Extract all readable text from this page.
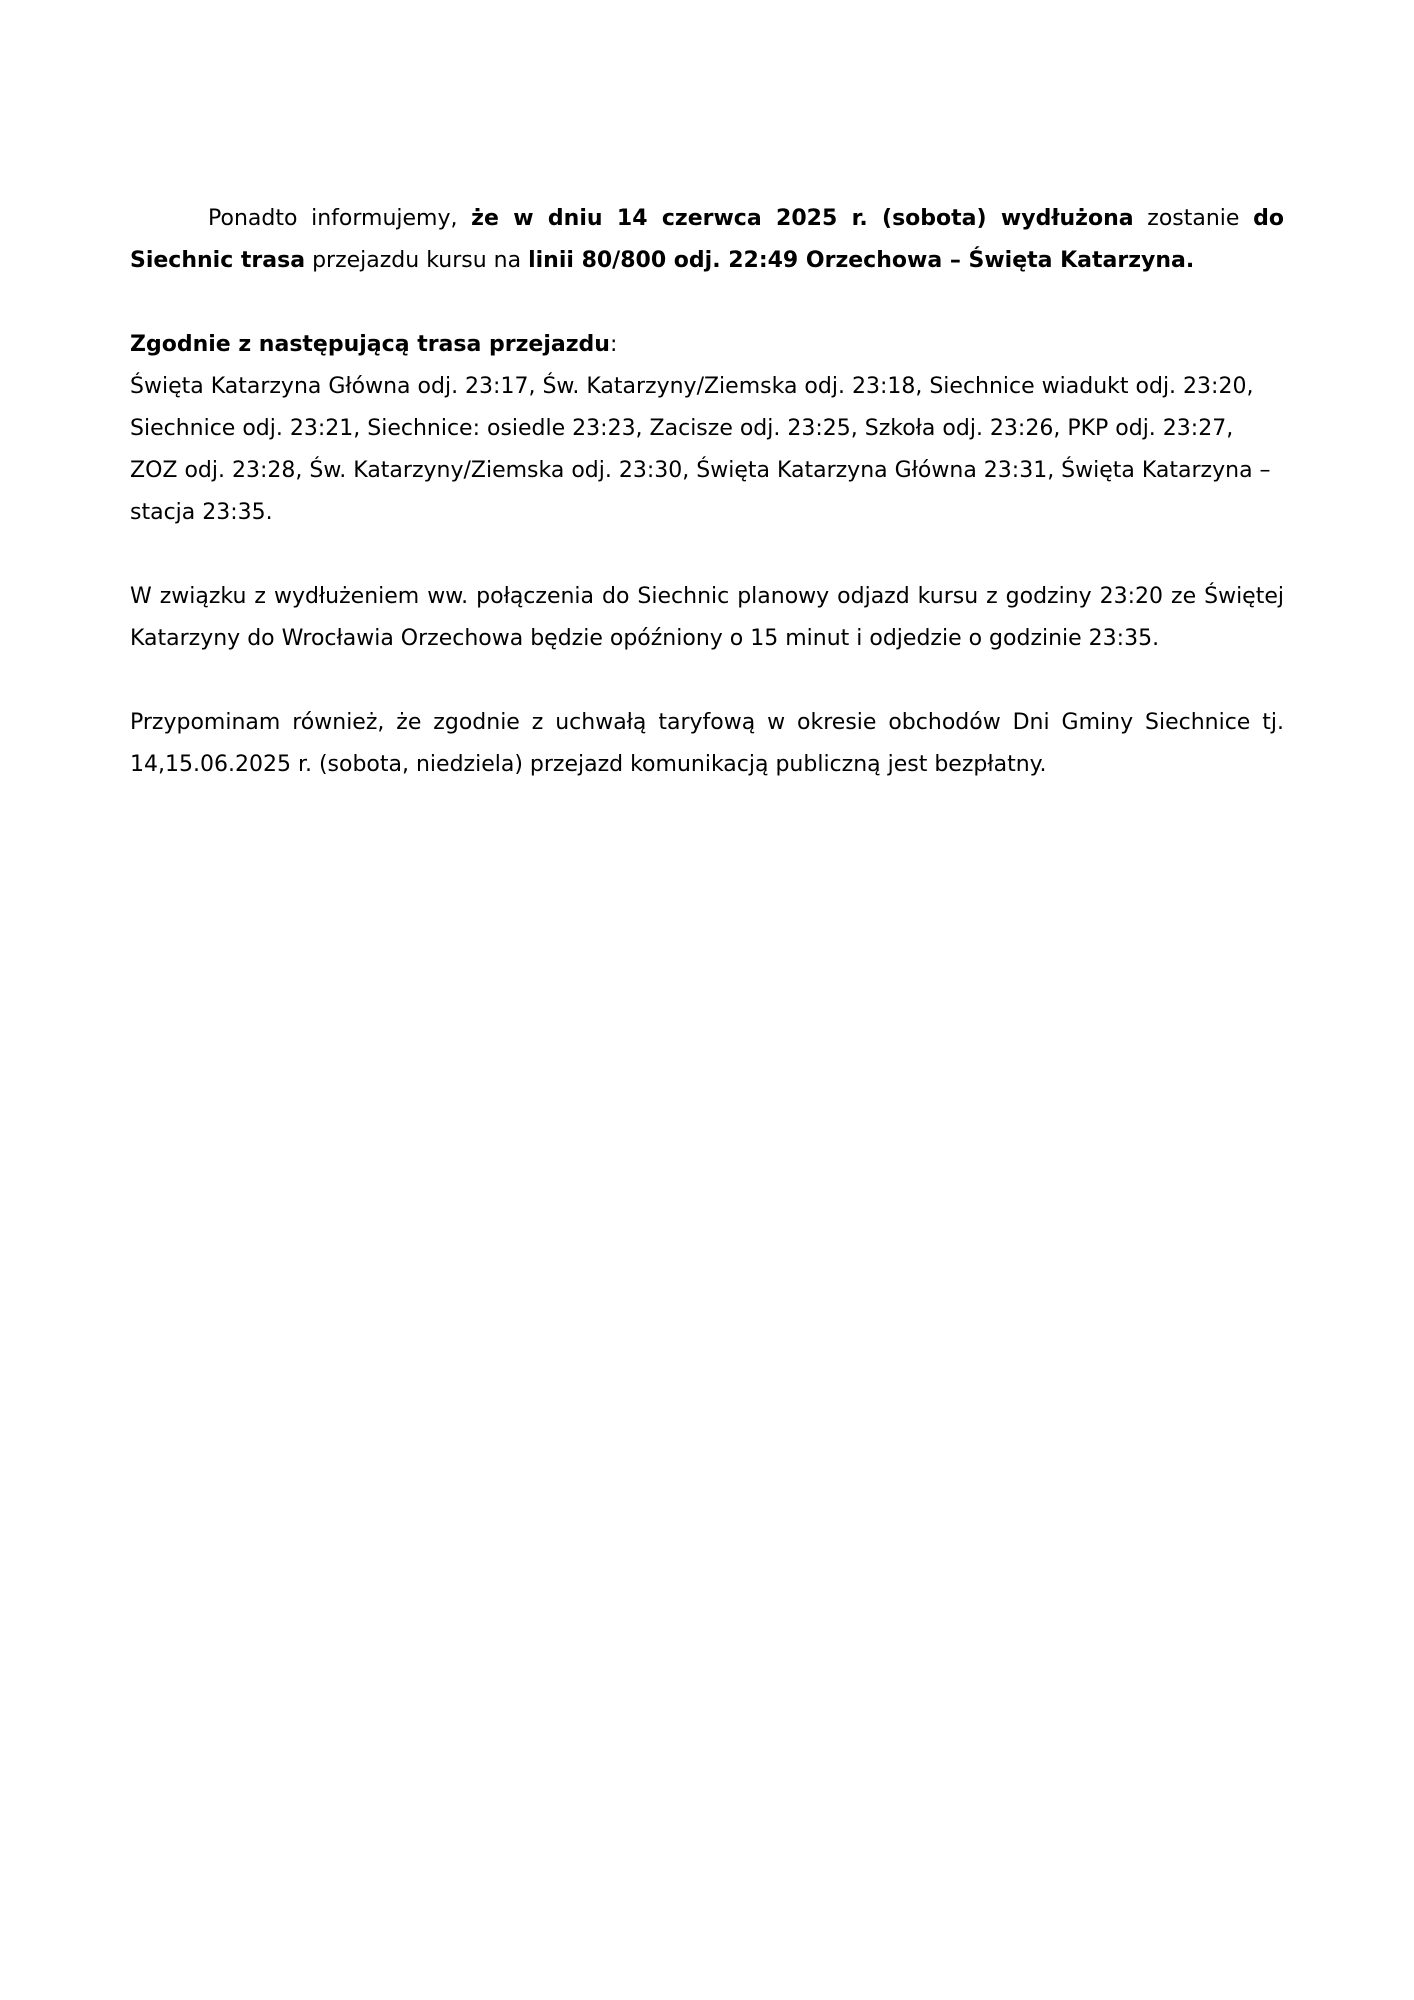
Ponadto informujemy, że w dniu 14 czerwca 2025 r. (sobota) wydłużona zostanie do Siechnic trasa przejazdu kursu na linii 80/800 odj. 22:49 Orzechowa – Święta Katarzyna.

Zgodnie z następującą trasa przejazdu:

Święta Katarzyna Główna odj. 23:17, Św. Katarzyny/Ziemska odj. 23:18, Siechnice wiadukt odj. 23:20, Siechnice odj. 23:21, Siechnice: osiedle 23:23, Zacisze odj. 23:25, Szkoła odj. 23:26, PKP odj. 23:27, ZOZ odj. 23:28, Św. Katarzyny/Ziemska odj. 23:30, Święta Katarzyna Główna 23:31, Święta Katarzyna – stacja 23:35.

W związku z wydłużeniem ww. połączenia do Siechnic planowy odjazd kursu z godziny 23:20 ze Świętej Katarzyny do Wrocławia Orzechowa będzie opóźniony o 15 minut i odjedzie o godzinie 23:35.

Przypominam również, że zgodnie z uchwałą taryfową w okresie obchodów Dni Gminy Siechnice tj. 14,15.06.2025 r. (sobota, niedziela) przejazd komunikacją publiczną jest bezpłatny.
